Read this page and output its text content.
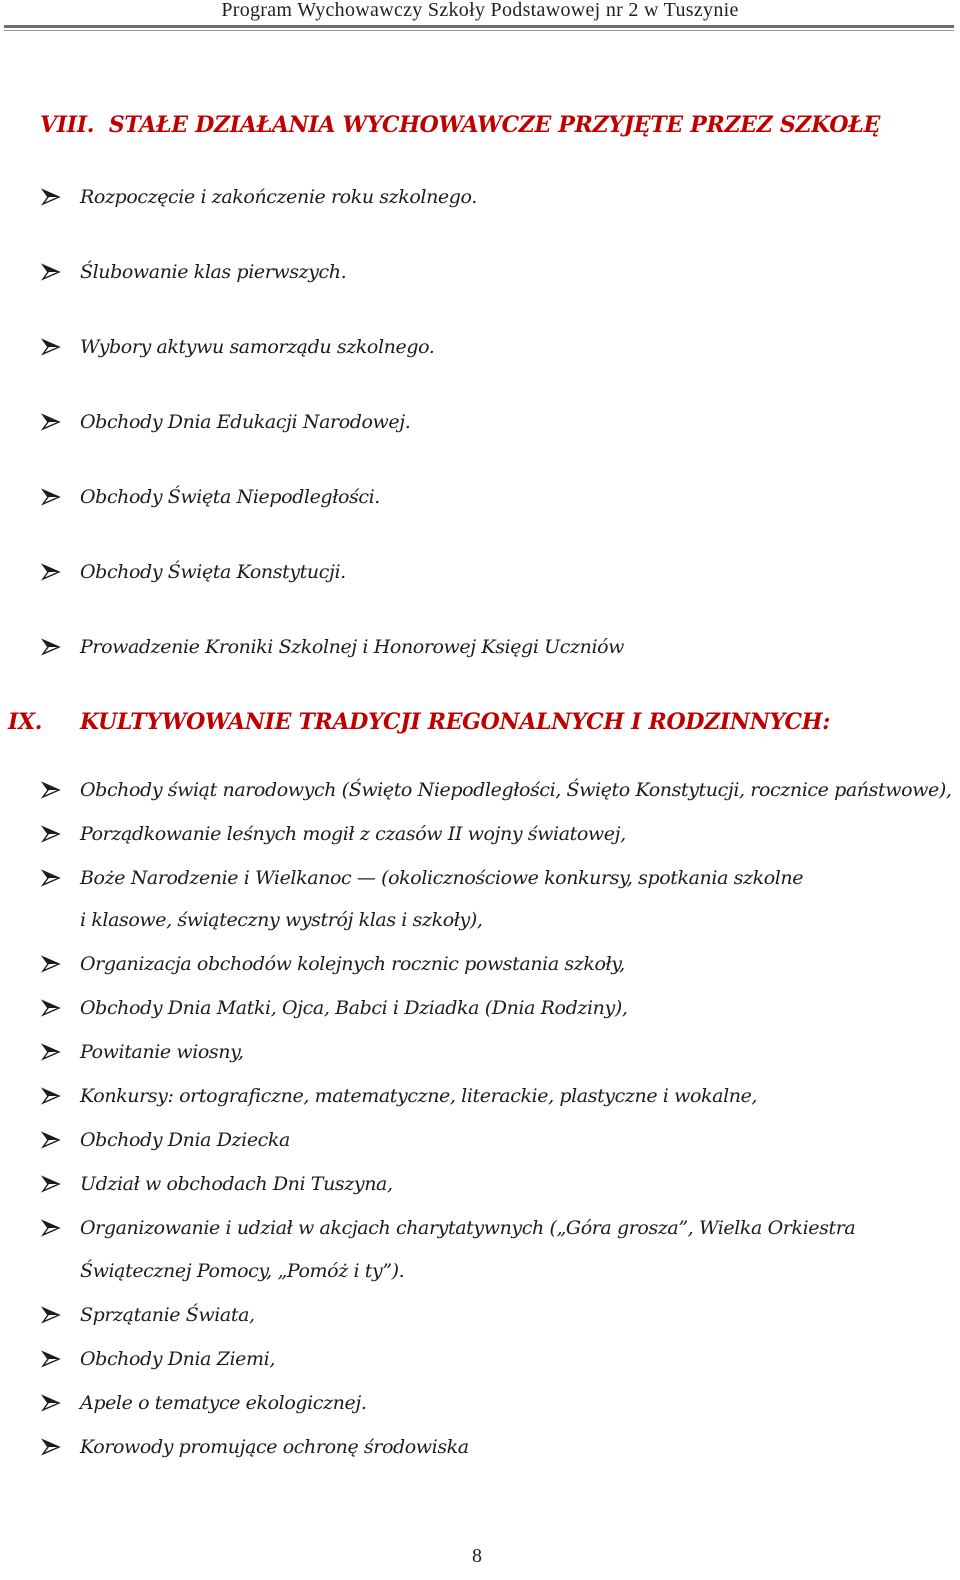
Program Wychowawczy Szkoły Podstawowej nr 2 w Tuszynie
VIII. STAŁE DZIAŁANIA WYCHOWAWCZE PRZYJĘTE PRZEZ SZKOŁĘ
Rozpoczęcie i zakończenie roku szkolnego.
Ślubowanie klas pierwszych.
Wybory aktywu samorządu szkolnego.
Obchody Dnia Edukacji Narodowej.
Obchody Święta Niepodległości.
Obchody Święta Konstytucji.
Prowadzenie Kroniki Szkolnej i Honorowej Księgi Uczniów
IX. KULTYWOWANIE TRADYCJI REGONALNYCH I RODZINNYCH:
Obchody świąt narodowych (Święto Niepodległości, Święto Konstytucji, rocznice państwowe),
Porządkowanie leśnych mogił z czasów II wojny światowej,
Boże Narodzenie i Wielkanoc — (okolicznościowe konkursy, spotkania szkolne
i klasowe, świąteczny wystrój klas i szkoły),
Organizacja obchodów kolejnych rocznic powstania szkoły,
Obchody Dnia Matki, Ojca, Babci i Dziadka (Dnia Rodziny),
Powitanie wiosny,
Konkursy: ortograficzne, matematyczne, literackie, plastyczne i wokalne,
Obchody Dnia Dziecka
Udział w obchodach Dni Tuszyna,
Organizowanie i udział w akcjach charytatywnych („Góra grosza”, Wielka Orkiestra
Świątecznej Pomocy, „Pomóż i ty”).
Sprzątanie Świata,
Obchody Dnia Ziemi,
Apele o tematyce ekologicznej.
Korowody promujące ochronę środowiska
8
